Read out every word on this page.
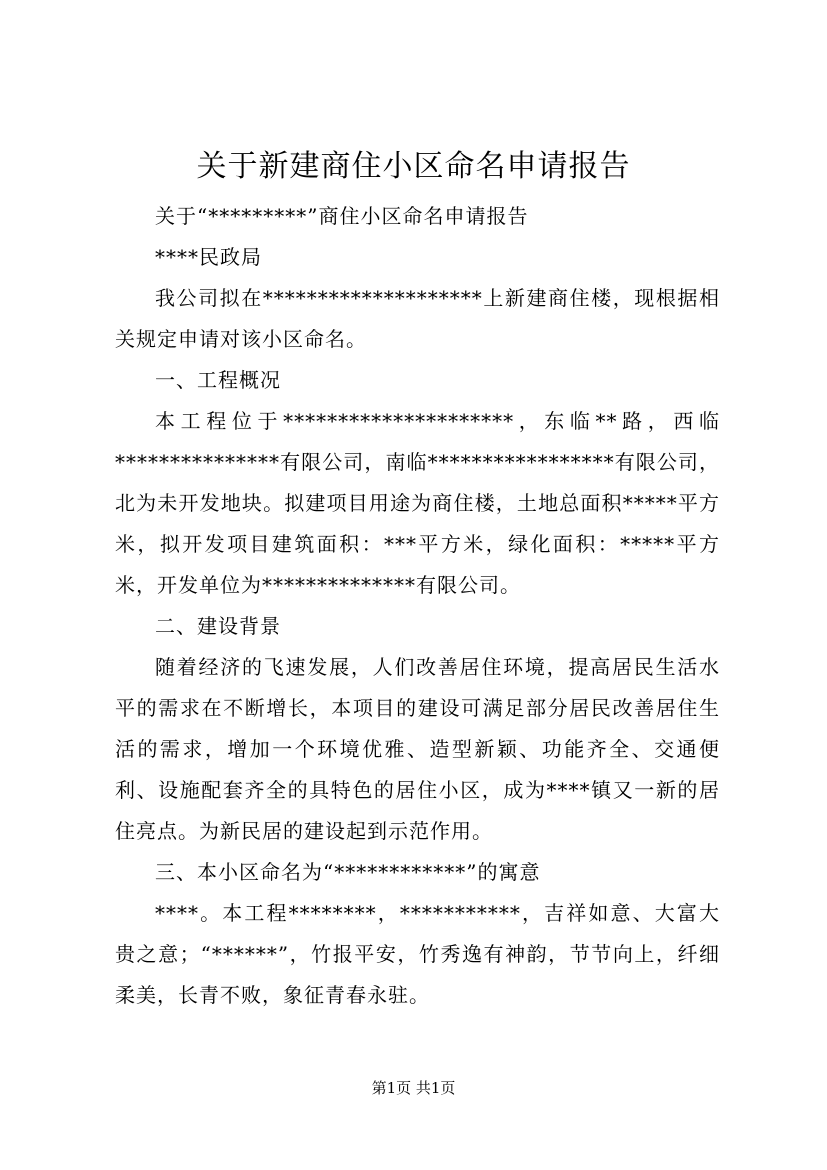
关于新建商住小区命名申请报告

关于“*********”商住小区命名申请报告

****民政局

我公司拟在********************上新建商住楼，现根据相关规定申请对该小区命名。

一、工程概况

本工程位于*********************，东临**路，西临***************有限公司，南临*****************有限公司，北为未开发地块。拟建项目用途为商住楼，土地总面积*****平方米，拟开发项目建筑面积：***平方米，绿化面积：*****平方米，开发单位为**************有限公司。

二、建设背景

随着经济的飞速发展，人们改善居住环境，提高居民生活水平的需求在不断增长，本项目的建设可满足部分居民改善居住生活的需求，增加一个环境优雅、造型新颖、功能齐全、交通便利、设施配套齐全的具特色的居住小区，成为****镇又一新的居住亮点。为新民居的建设起到示范作用。

三、本小区命名为“************”的寓意

****。本工程********，***********，吉祥如意、大富大贵之意；“******”，竹报平安，竹秀逸有神韵，节节向上，纤细柔美，长青不败，象征青春永驻。

第1页 共1页
